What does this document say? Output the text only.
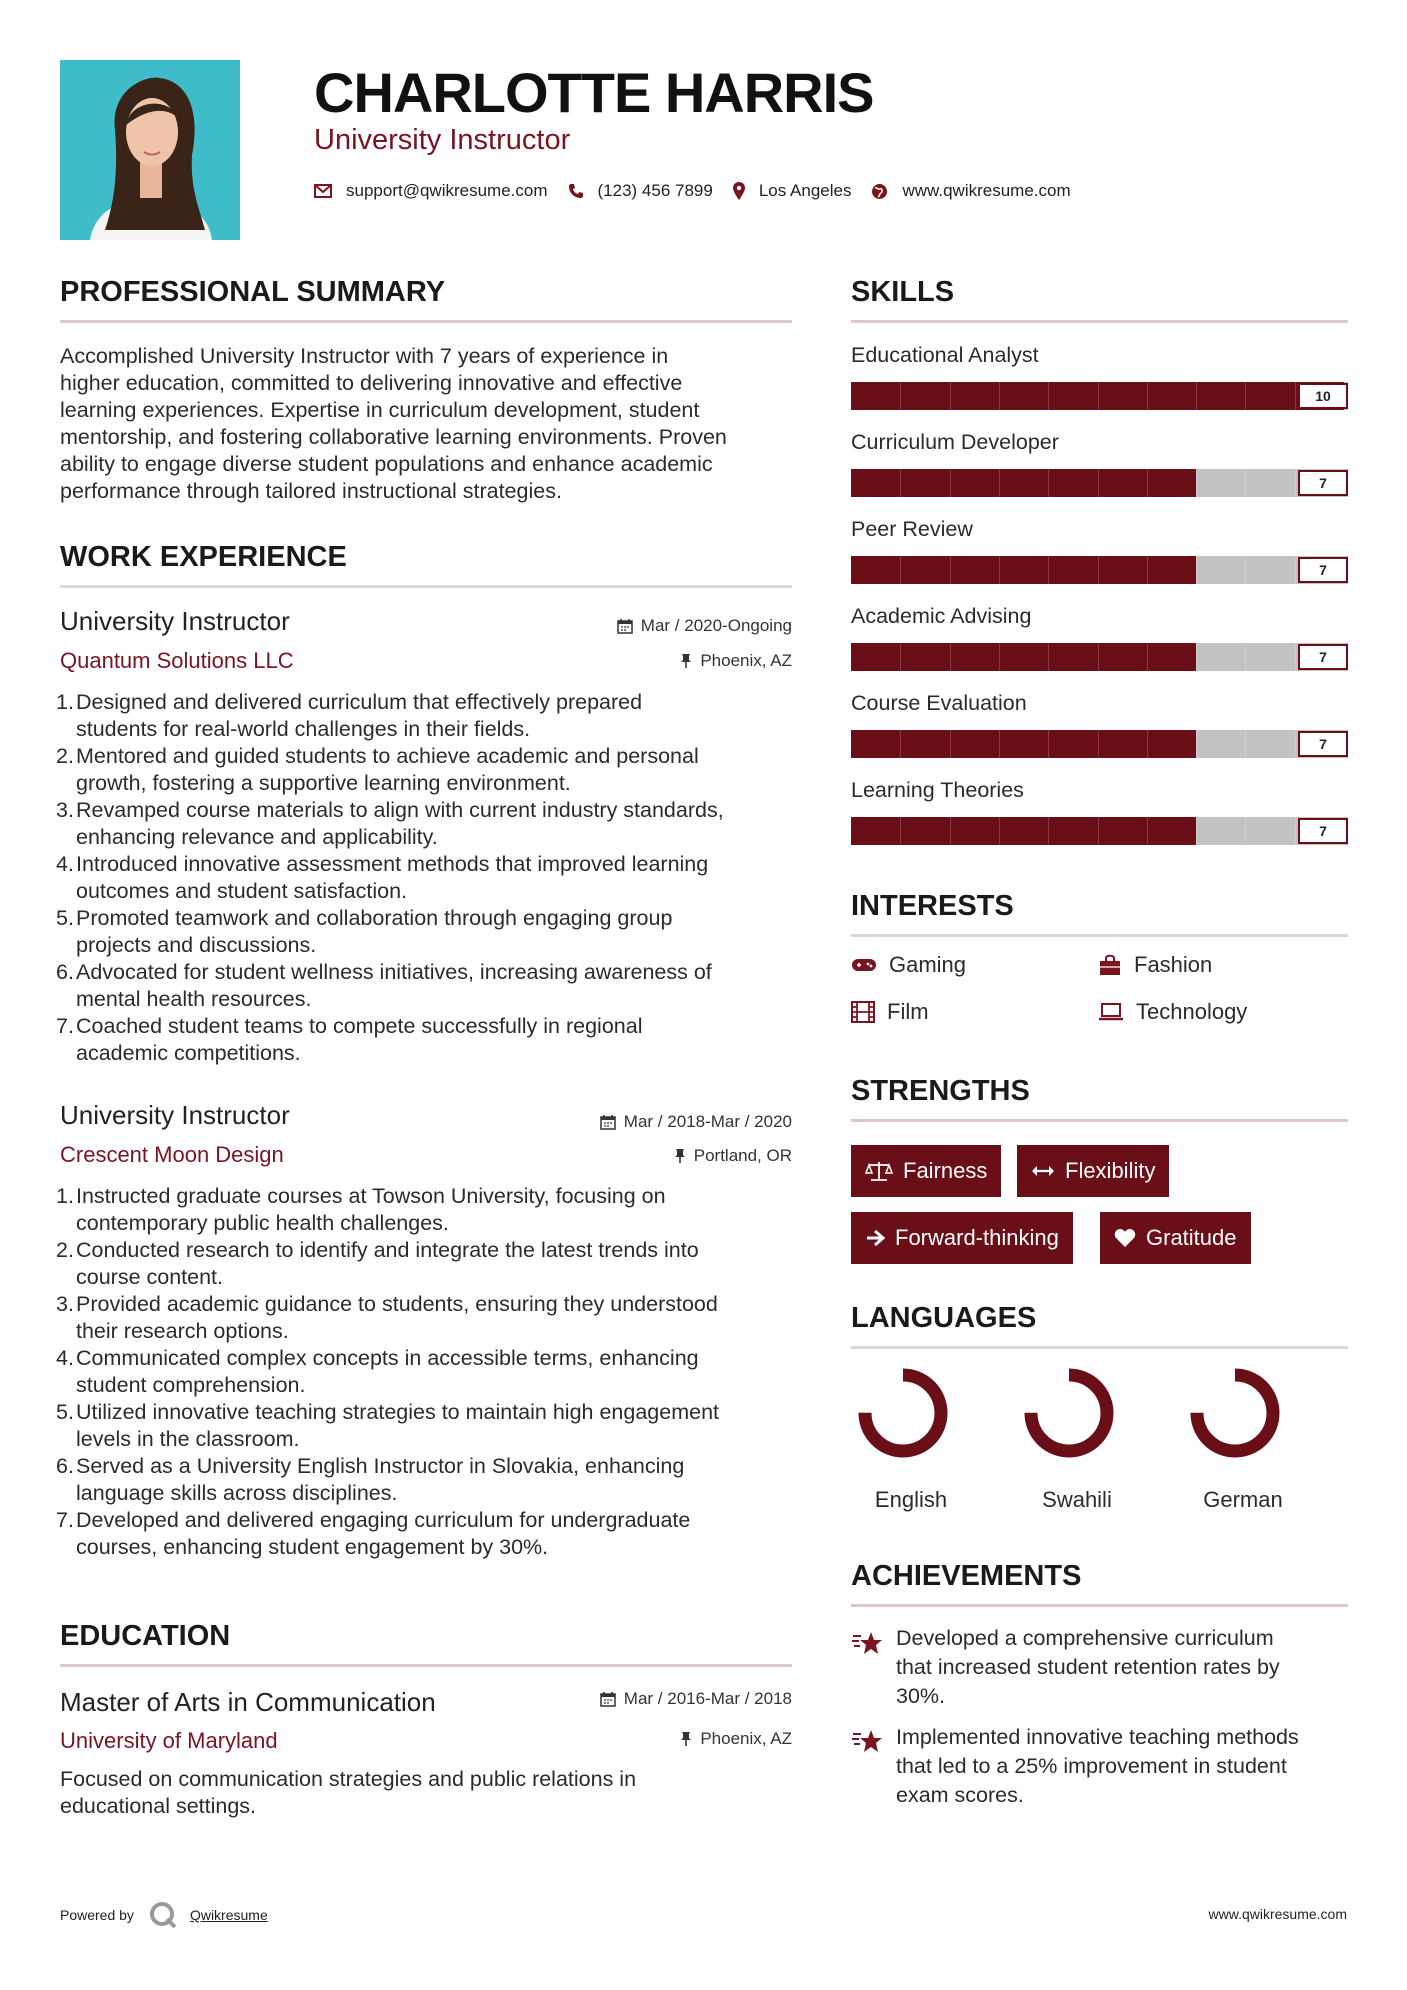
CHARLOTTE HARRIS
University Instructor
support@qwikresume.com	(123) 456 7899	Los Angeles	www.qwikresume.com
PROFESSIONAL SUMMARY
Accomplished University Instructor with 7 years of experience in
higher education, committed to delivering innovative and effective
learning experiences. Expertise in curriculum development, student
mentorship, and fostering collaborative learning environments. Proven
ability to engage diverse student populations and enhance academic
performance through tailored instructional strategies.
WORK EXPERIENCE
University Instructor	Mar / 2020-Ongoing
Quantum Solutions LLC	Phoenix, AZ
1. Designed and delivered curriculum that effectively prepared
students for real-world challenges in their fields.
2. Mentored and guided students to achieve academic and personal
growth, fostering a supportive learning environment.
3. Revamped course materials to align with current industry standards,
enhancing relevance and applicability.
4. Introduced innovative assessment methods that improved learning
outcomes and student satisfaction.
5. Promoted teamwork and collaboration through engaging group
projects and discussions.
6. Advocated for student wellness initiatives, increasing awareness of
mental health resources.
7. Coached student teams to compete successfully in regional
academic competitions.
University Instructor	Mar / 2018-Mar / 2020
Crescent Moon Design	Portland, OR
1. Instructed graduate courses at Towson University, focusing on
contemporary public health challenges.
2. Conducted research to identify and integrate the latest trends into
course content.
3. Provided academic guidance to students, ensuring they understood
their research options.
4. Communicated complex concepts in accessible terms, enhancing
student comprehension.
5. Utilized innovative teaching strategies to maintain high engagement
levels in the classroom.
6. Served as a University English Instructor in Slovakia, enhancing
language skills across disciplines.
7. Developed and delivered engaging curriculum for undergraduate
courses, enhancing student engagement by 30%.
EDUCATION
Master of Arts in Communication	Mar / 2016-Mar / 2018
University of Maryland	Phoenix, AZ
Focused on communication strategies and public relations in
educational settings.
SKILLS
Educational Analyst
10
Curriculum Developer
7
Peer Review
7
Academic Advising
7
Course Evaluation
7
Learning Theories
7
INTERESTS
Gaming	Fashion
Film	Technology
STRENGTHS
Fairness	Flexibility
Forward-thinking	Gratitude
LANGUAGES
English	Swahili	German
ACHIEVEMENTS
Developed a comprehensive curriculum
that increased student retention rates by
30%.
Implemented innovative teaching methods
that led to a 25% improvement in student
exam scores.
Powered by	Qwikresume	www.qwikresume.com
